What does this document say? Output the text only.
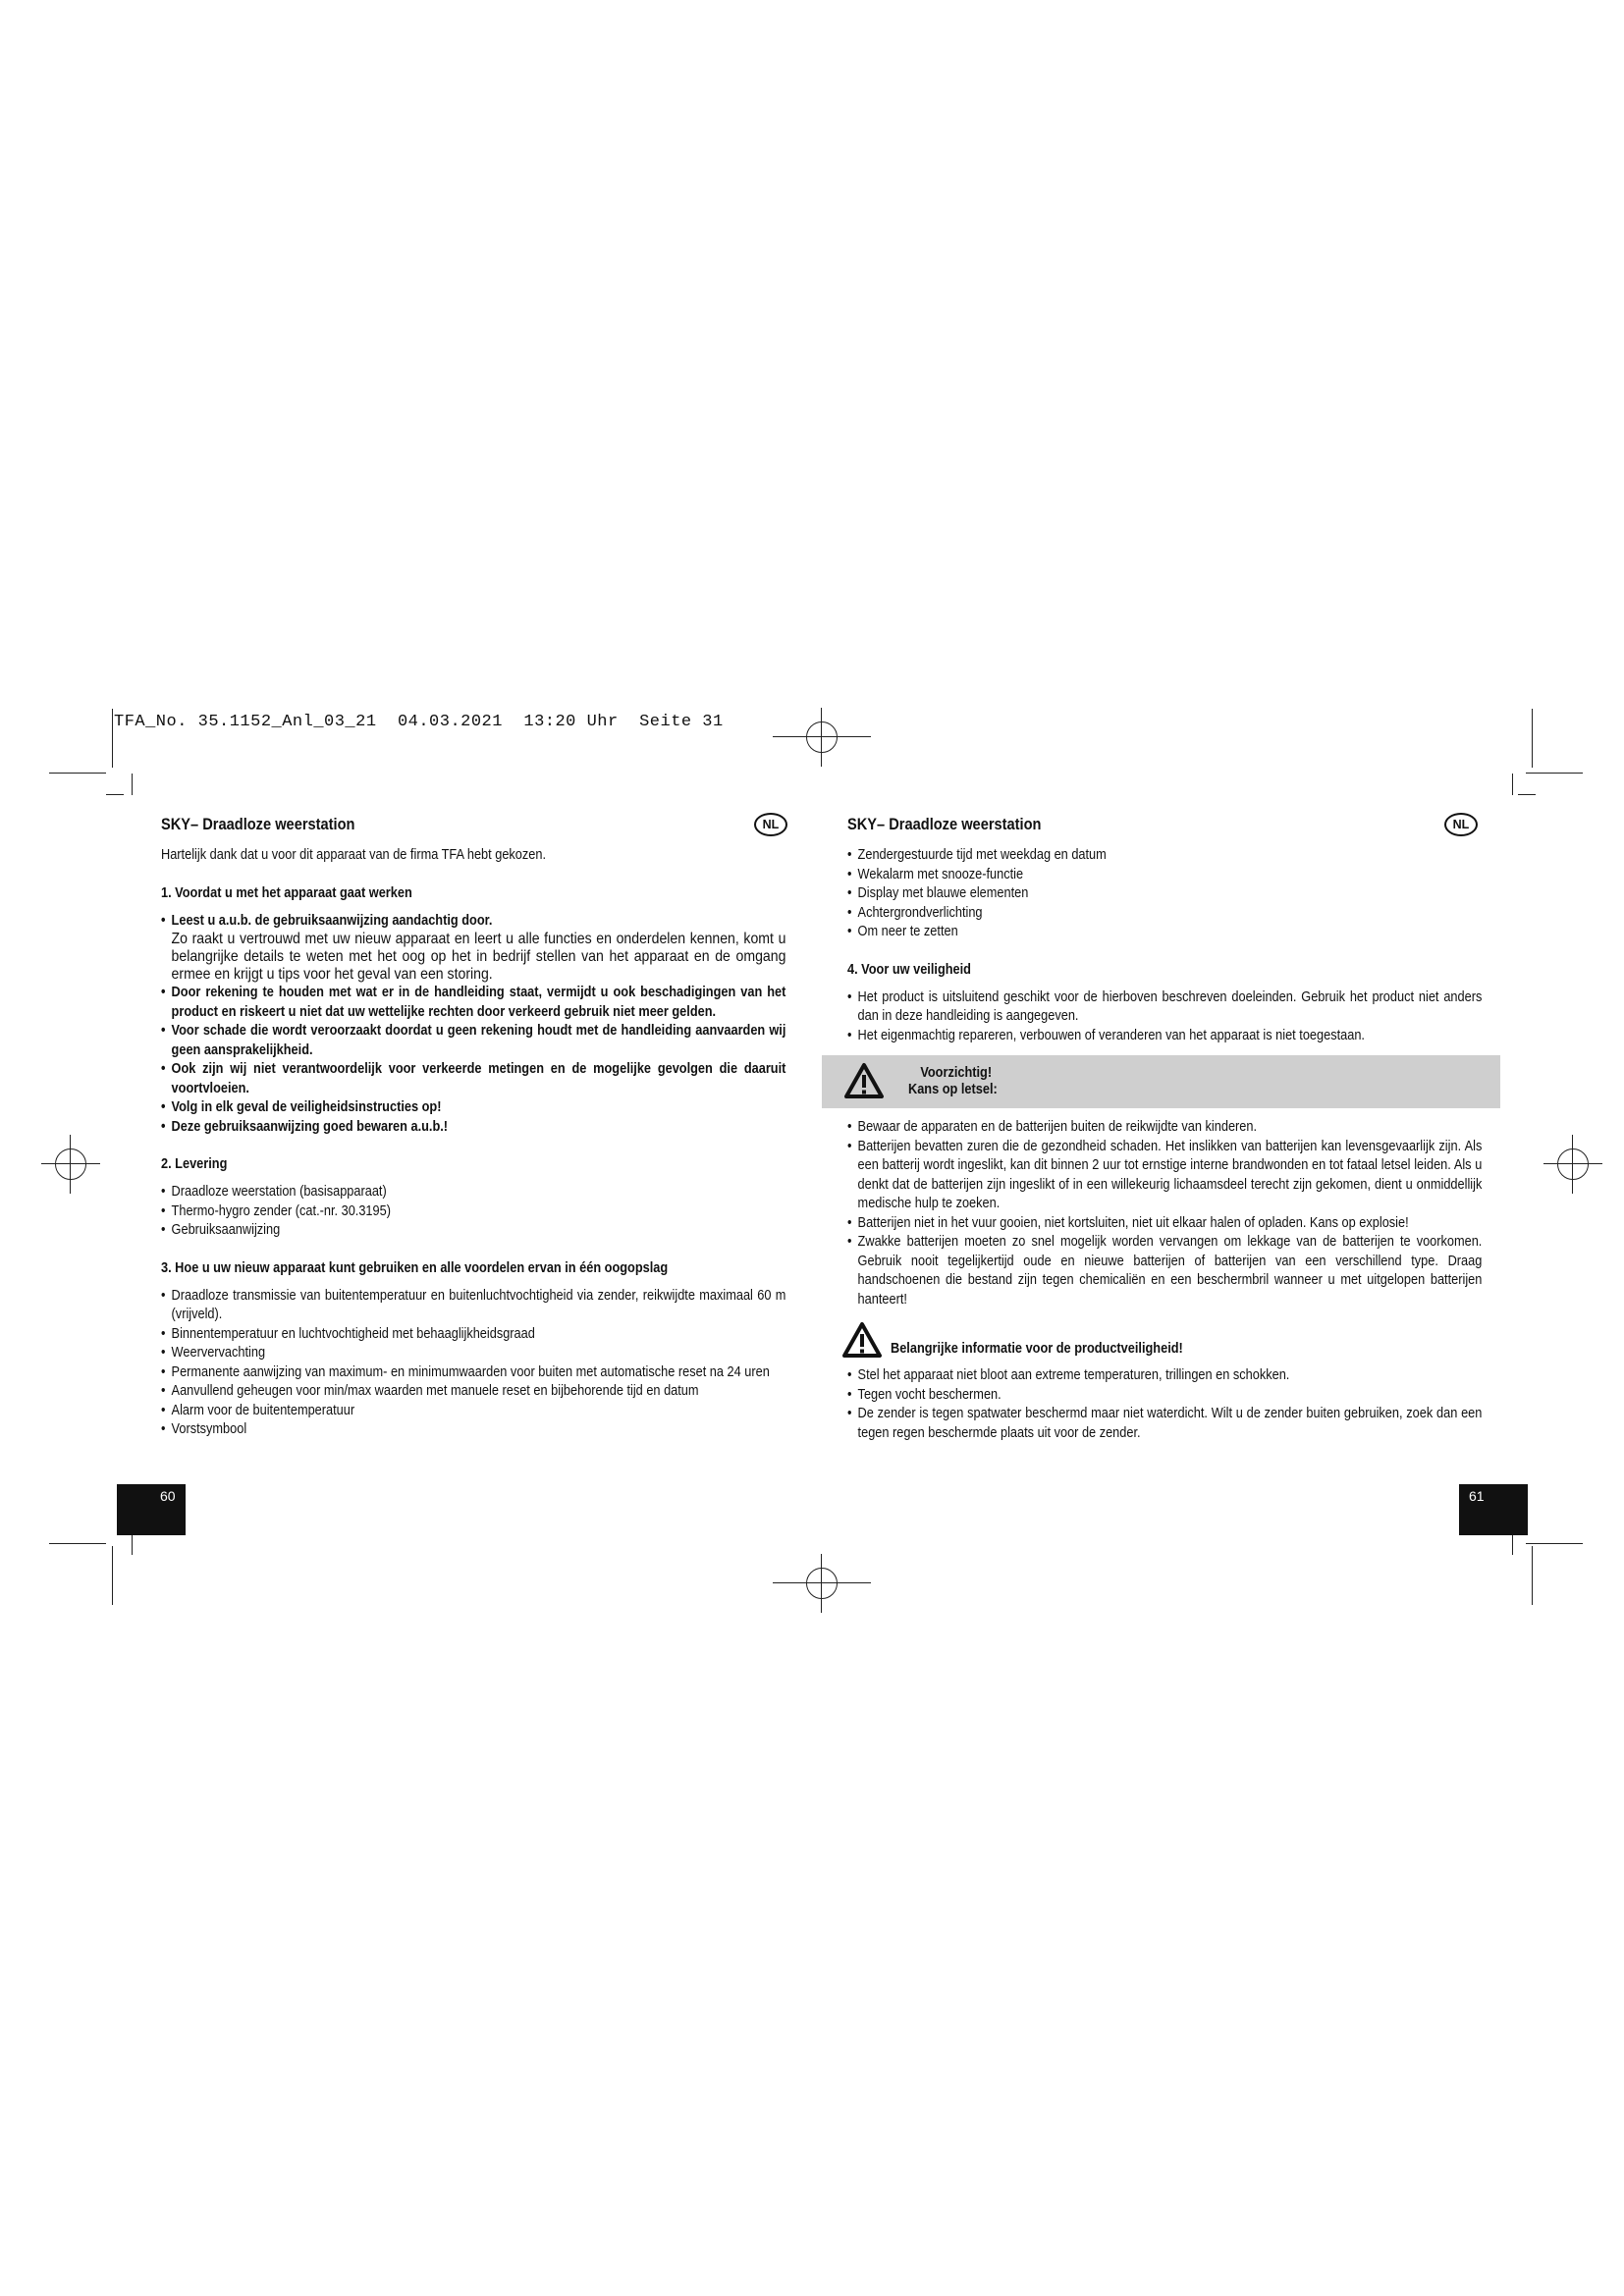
TFA_No. 35.1152_Anl_03_21  04.03.2021  13:20 Uhr  Seite 31
SKY– Draadloze weerstation	NL

Hartelijk dank dat u voor dit apparaat van de firma TFA hebt gekozen.

1. Voordat u met het apparaat gaat werken
• Leest u a.u.b. de gebruiksaanwijzing aandachtig door.
Zo raakt u vertrouwd met uw nieuw apparaat en leert u alle functies en onderdelen kennen, komt u belangrijke details te weten met het oog op het in bedrijf stellen van het apparaat en de omgang ermee en krijgt u tips voor het geval van een storing.
• Door rekening te houden met wat er in de handleiding staat, vermijdt u ook beschadigingen van het product en riskeert u niet dat uw wettelijke rechten door verkeerd gebruik niet meer gelden.
• Voor schade die wordt veroorzaakt doordat u geen rekening houdt met de handleiding aanvaarden wij geen aansprakelijkheid.
• Ook zijn wij niet verantwoordelijk voor verkeerde metingen en de mogelijke gevolgen die daaruit voortvloeien.
• Volg in elk geval de veiligheidsinstructies op!
• Deze gebruiksaanwijzing goed bewaren a.u.b.!
2. Levering
• Draadloze weerstation (basisapparaat)
• Thermo-hygro zender (cat.-nr. 30.3195)
• Gebruiksaanwijzing
3. Hoe u uw nieuw apparaat kunt gebruiken en alle voordelen ervan in één oogopslag
• Draadloze transmissie van buitentemperatuur en buitenluchtvochtigheid via zender, reikwijdte maximaal 60 m (vrijveld).
• Binnentemperatuur en luchtvochtigheid met behaaglijkheidsgraad
• Weervervachting
• Permanente aanwijzing van maximum- en minimumwaarden voor buiten met automatische reset na 24 uren
• Aanvullend geheugen voor min/max waarden met manuele reset en bijbehorende tijd en datum
• Alarm voor de buitentemperatuur
• Vorstsymbool
SKY– Draadloze weerstation	NL
• Zendergestuurde tijd met weekdag en datum
• Wekalarm met snooze-functie
• Display met blauwe elementen
• Achtergrondverlichting
• Om neer te zetten
4. Voor uw veiligheid
• Het product is uitsluitend geschikt voor de hierboven beschreven doeleinden. Gebruik het product niet anders dan in deze handleiding is aangegeven.
• Het eigenmachtig repareren, verbouwen of veranderen van het apparaat is niet toegestaan.
Voorzichtig!
Kans op letsel:
• Bewaar de apparaten en de batterijen buiten de reikwijdte van kinderen.
• Batterijen bevatten zuren die de gezondheid schaden. Het inslikken van batterijen kan levensgevaarlijk zijn. Als een batterij wordt ingeslikt, kan dit binnen 2 uur tot ernstige interne brandwonden en tot fataal letsel leiden. Als u denkt dat de batterijen zijn ingeslikt of in een willekeurig lichaamsdeel terecht zijn gekomen, dient u onmiddellijk medische hulp te zoeken.
• Batterijen niet in het vuur gooien, niet kortsluiten, niet uit elkaar halen of opladen. Kans op explosie!
• Zwakke batterijen moeten zo snel mogelijk worden vervangen om lekkage van de batterijen te voorkomen. Gebruik nooit tegelijkertijd oude en nieuwe batterijen of batterijen van een verschillend type. Draag handschoenen die bestand zijn tegen chemicaliën en een beschermbril wanneer u met uitgelopen batterijen hanteert!
Belangrijke informatie voor de productveiligheid!
• Stel het apparaat niet bloot aan extreme temperaturen, trillingen en schokken.
• Tegen vocht beschermen.
• De zender is tegen spatwater beschermd maar niet waterdicht. Wilt u de zender buiten gebruiken, zoek dan een tegen regen beschermde plaats uit voor de zender.
60	61
